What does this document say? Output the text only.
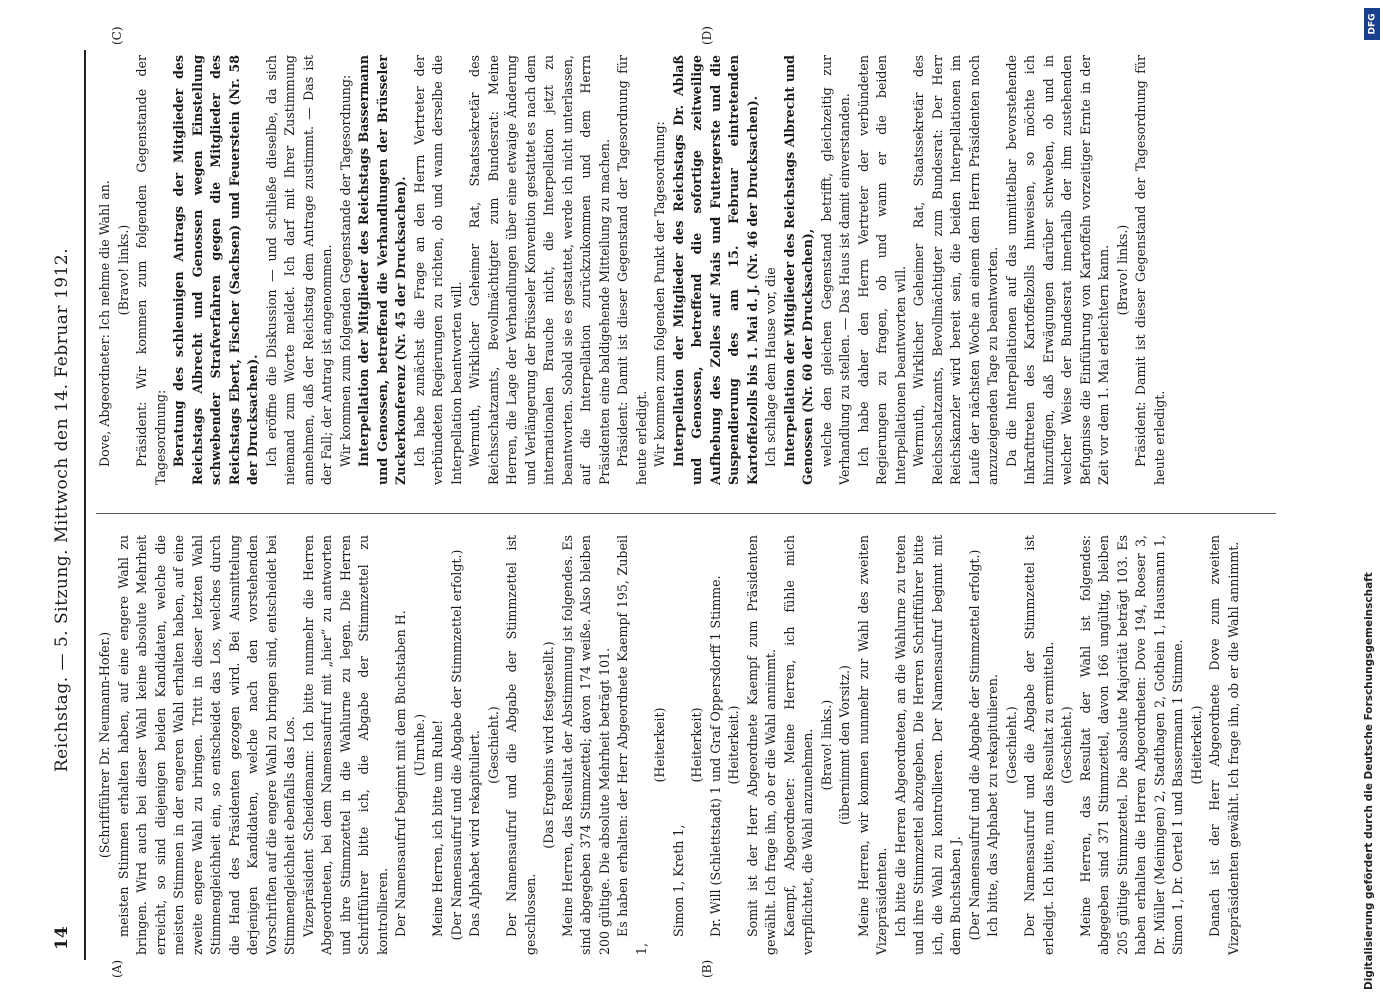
14
Reichstag. — 5. Sitzung. Mittwoch den 14. Februar 1912.
(A)	(B)
(C)	(D)

(Schriftführer Dr. Neumann-Hofer.) meisten Stimmen erhalten haben, auf eine engere Wahl zu bringen. Wird auch bei dieser Wahl keine absolute Mehrheit erreicht, so sind diejenigen beiden Kandidaten, welche die meisten Stimmen in der engeren Wahl erhalten haben, auf eine zweite engere Wahl zu bringen. Tritt in dieser letzten Wahl Stimmengleichheit ein, so entscheidet das Los, welches durch die Hand des Präsidenten gezogen wird. Bei Ausmittelung derjenigen Kandidaten, welche nach den vorstehenden Vorschriften auf die engere Wahl zu bringen sind, entscheidet bei Stimmengleichheit ebenfalls das Los. Vizepräsident Scheidemann: Ich bitte nunmehr die Herren Abgeordneten, bei dem Namensaufruf mit „hier“ zu antworten und ihre Stimmzettel in die Wahlurne zu legen. Die Herren Schriftführer bitte ich, die Abgabe der Stimmzettel zu kontrollieren. Der Namensaufruf beginnt mit dem Buchstaben H. (Unruhe.) Meine Herren, ich bitte um Ruhe! (Der Namensaufruf und die Abgabe der Stimmzettel erfolgt.) Das Alphabet wird rekapituliert. (Geschieht.) Der Namensaufruf und die Abgabe der Stimmzettel ist geschlossen.

(Das Ergebnis wird festgestellt.) Meine Herren, das Resultat der Abstimmung ist folgendes. Es sind abgegeben 374 Stimmzettel; davon 174 weiße. Also bleiben 200 gültige. Die absolute Mehrheit beträgt 101. Es haben erhalten: der Herr Abgeordnete Kaempf 195, Zubeil 1,

(Heiterkeit)

Simon 1, Kreth 1,

(Heiterkeit) Dr. Will (Schlettstadt) 1 und Graf Oppersdorff 1 Stimme. (Heiterkeit.) Somit ist der Herr Abgeordnete Kaempf zum Präsidenten gewählt. Ich frage ihn, ob er die Wahl annimmt. Kaempf, Abgeordneter: Meine Herren, ich fühle mich verpflichtet, die Wahl anzunehmen. (Bravo! links.) (übernimmt den Vorsitz.) Meine Herren, wir kommen nunmehr zur Wahl des zweiten Vizepräsidenten. Ich bitte die Herren Abgeordneten, an die Wahlurne zu treten und ihre Stimmzettel abzugeben. Die Herren Schriftführer bitte ich, die Wahl zu kontrollieren. Der Namensaufruf beginnt mit dem Buchstaben J. (Der Namensaufruf und die Abgabe der Stimmzettel erfolgt.) Ich bitte, das Alphabet zu rekapitulieren. (Geschieht.) Der Namensaufruf und die Abgabe der Stimmzettel ist erledigt. Ich bitte, nun das Resultat zu ermitteln. (Geschieht.) Meine Herren, das Resultat der Wahl ist folgendes: abgegeben sind 371 Stimmzettel, davon 166 ungültig, bleiben 205 gültige Stimmzettel. Die absolute Majorität beträgt 103. Es haben erhalten die Herren Abgeordneten: Dove 194, Roeser 3, Dr. Müller (Meiningen) 2, Stadthagen 2, Gothein 1, Hausmann 1, Simon 1, Dr. Oertel 1 und Bassermann 1 Stimme. (Heiterkeit.) Danach ist der Herr Abgeordnete Dove zum zweiten Vizepräsidenten gewählt. Ich frage ihn, ob er die Wahl annimmt.

Dove, Abgeordneter: Ich nehme die Wahl an. (Bravo! links.) Präsident: Wir kommen zum folgenden Gegenstande der Tagesordnung: Beratung des schleunigen Antrags der Mitglieder des Reichstags Albrecht und Genossen wegen Einstellung schwebender Strafverfahren gegen die Mitglieder des Reichstags Ebert, Fischer (Sachsen) und Feuerstein (Nr. 58 der Drucksachen). Ich eröffne die Diskussion — und schließe dieselbe, da sich niemand zum Worte meldet. Ich darf mit Ihrer Zustimmung annehmen, daß der Reichstag dem Antrage zustimmt. — Das ist der Fall; der Antrag ist angenommen. Wir kommen zum folgenden Gegenstande der Tagesordnung: Interpellation der Mitglieder des Reichstags Bassermann und Genossen, betreffend die Verhandlungen der Brüsseler Zuckerkonferenz (Nr. 45 der Drucksachen). Ich habe zunächst die Frage an den Herrn Vertreter der verbündeten Regierungen zu richten, ob und wann derselbe die Interpellation beantworten will. Wermuth, Wirklicher Geheimer Rat, Staatssekretär des Reichsschatzamts, Bevollmächtigter zum Bundesrat: Meine Herren, die Lage der Verhandlungen über eine etwaige Änderung und Verlängerung der Brüsseler Konvention gestattet es nach dem internationalen Brauche nicht, die Interpellation jetzt zu beantworten. Sobald sie es gestattet, werde ich nicht unterlassen, auf die Interpellation zurückzukommen und dem Herrn Präsidenten eine baldigehende Mitteilung zu machen. Präsident: Damit ist dieser Gegenstand der Tagesordnung für heute erledigt. Wir kommen zum folgenden Punkt der Tagesordnung: Interpellation der Mitglieder des Reichstags Dr. Ablaß und Genossen, betreffend die sofortige zeitweilige Aufhebung des Zolles auf Mais und Futtergerste und die Suspendierung des am 15. Februar eintretenden Kartoffelzolls bis 1. Mai d. J. (Nr. 46 der Drucksachen). Ich schlage dem Hause vor, die Interpellation der Mitglieder des Reichstags Albrecht und Genossen (Nr. 60 der Drucksachen), welche den gleichen Gegenstand betrifft, gleichzeitig zur Verhandlung zu stellen. — Das Haus ist damit einverstanden. Ich habe daher den Herrn Vertreter der verbündeten Regierungen zu fragen, ob und wann er die beiden Interpellationen beantworten will. Wermuth, Wirklicher Geheimer Rat, Staatssekretär des Reichsschatzamts, Bevollmächtigter zum Bundesrat: Der Herr Reichskanzler wird bereit sein, die beiden Interpellationen im Laufe der nächsten Woche an einem dem Herrn Präsidenten noch anzuzeigenden Tage zu beantworten. Da die Interpellationen auf das unmittelbar bevorstehende Inkrafttreten des Kartoffelzolls hinweisen, so möchte ich hinzufügen, daß Erwägungen darüber schweben, ob und in welcher Weise der Bundesrat innerhalb der ihm zustehenden Befugnisse die Einführung von Kartoffeln vorzeitiger Ernte in der Zeit vor dem 1. Mai erleichtern kann. (Bravo! links.) Präsident: Damit ist dieser Gegenstand der Tagesordnung für heute erledigt.

DFG
Digitalisierung gefördert durch die Deutsche Forschungsgemeinschaft
